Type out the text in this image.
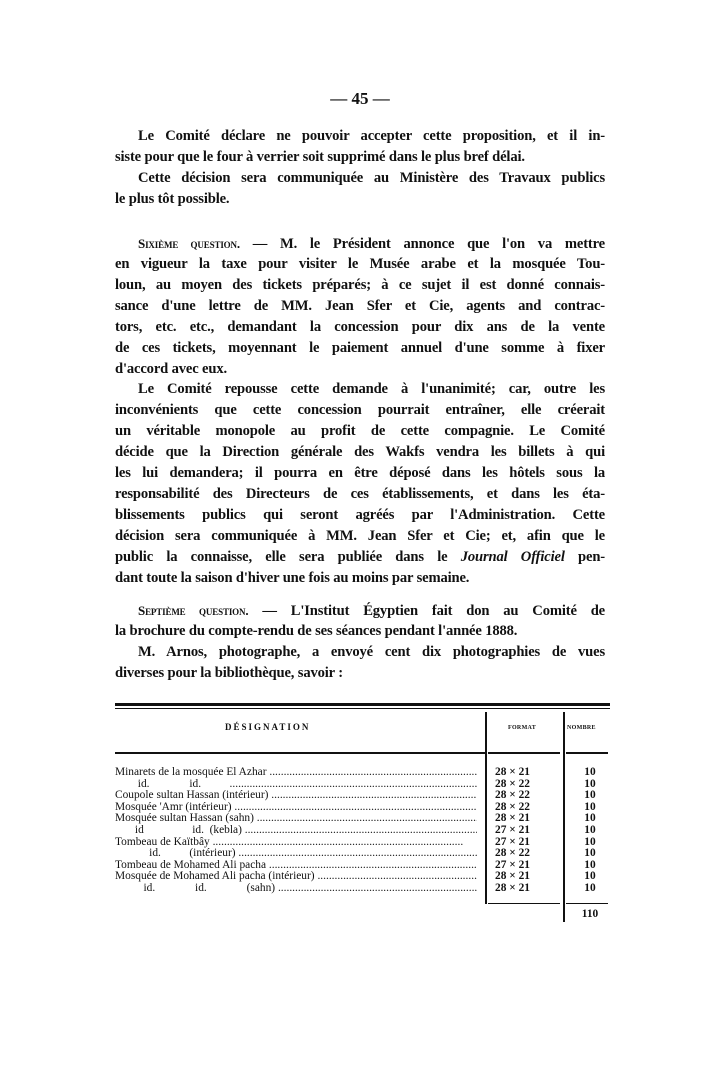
— 45 —
Le Comité déclare ne pouvoir accepter cette proposition, et il in-
siste pour que le four à verrier soit supprimé dans le plus bref délai.
Cette décision sera communiquée au Ministère des Travaux publics
le plus tôt possible.
Sixième question. — M. le Président annonce que l'on va mettre
en vigueur la taxe pour visiter le Musée arabe et la mosquée Tou-
loun, au moyen des tickets préparés; à ce sujet il est donné connais-
sance d'une lettre de MM. Jean Sfer et Cie, agents and contrac-
tors, etc. etc., demandant la concession pour dix ans de la vente
de ces tickets, moyennant le paiement annuel d'une somme à fixer
d'accord avec eux.
Le Comité repousse cette demande à l'unanimité; car, outre les
inconvénients que cette concession pourrait entraîner, elle créerait
un véritable monopole au profit de cette compagnie. Le Comité
décide que la Direction générale des Wakfs vendra les billets à qui
les lui demandera; il pourra en être déposé dans les hôtels sous la
responsabilité des Directeurs de ces établissements, et dans les éta-
blissements publics qui seront agréés par l'Administration. Cette
décision sera communiquée à MM. Jean Sfer et Cie; et, afin que le
public la connaisse, elle sera publiée dans le Journal Officiel pen-
dant toute la saison d'hiver une fois au moins par semaine.
Septième question. — L'Institut Égyptien fait don au Comité de
la brochure du compte-rendu de ses séances pendant l'année 1888.
M. Arnos, photographe, a envoyé cent dix photographies de vues
diverses pour la bibliothèque, savoir :
DÉSIGNATION	FORMAT	NOMBRE
Minarets de la mosquée El Azhar .....	28 × 21	10
id.              id.          .....	28 × 22	10
Coupole sultan Hassan (intérieur) .....	28 × 22	10
Mosquée 'Amr (intérieur) .....	28 × 22	10
Mosquée sultan Hassan (sahn) .....	28 × 21	10
id                 id.  (kebla) .....	27 × 21	10
Tombeau de Kaïtbây .....	27 × 21	10
id.          (intérieur) .....	28 × 22	10
Tombeau de Mohamed Ali pacha .....	27 × 21	10
Mosquée de Mohamed Ali pacha (intérieur) .....	28 × 21	10
id.              id.              (sahn) .....	28 × 21	10
110
